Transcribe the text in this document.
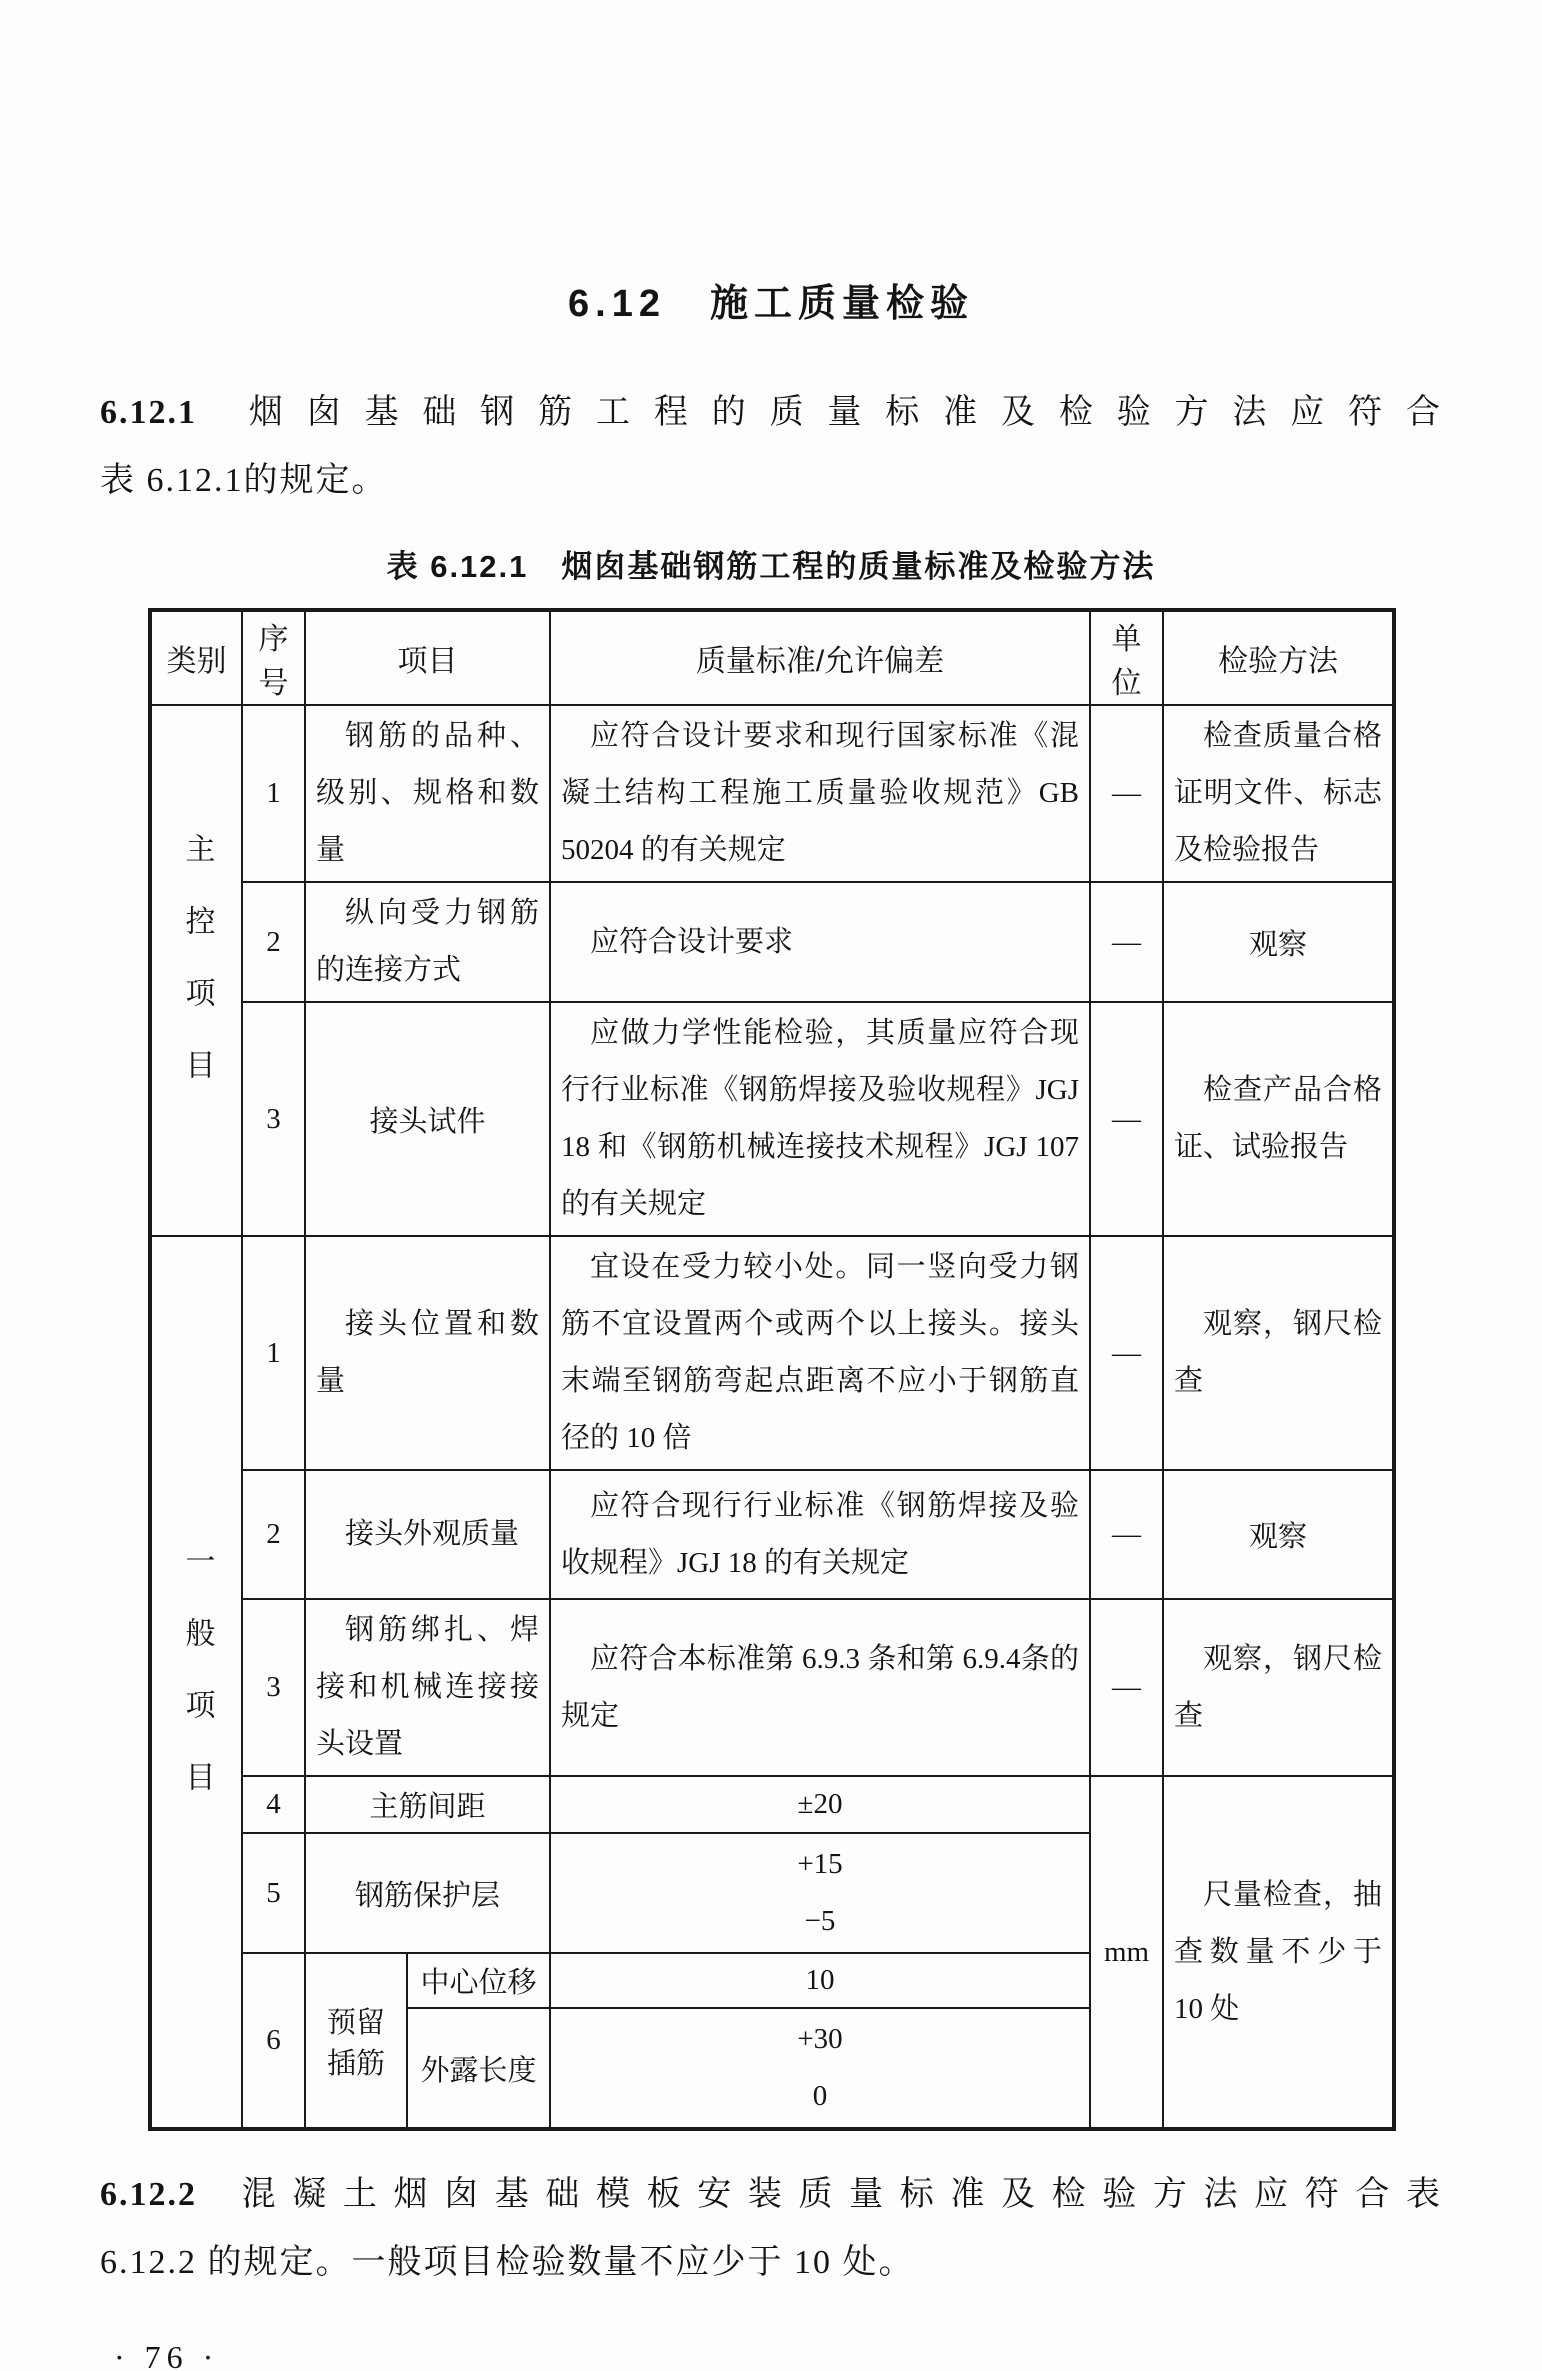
6.12　施工质量检验
6.12.1 烟囱基础钢筋工程的质量标准及检验方法应符合
表 6.12.1的规定。
表 6.12.1　烟囱基础钢筋工程的质量标准及检验方法
类别	序号	项目		质量标准/允许偏差	单位	检验方法
主控项目	1	钢筋的品种、级别、规格和数量		应符合设计要求和现行国家标准《混凝土结构工程施工质量验收规范》GB 50204 的有关规定	—	检查质量合格证明文件、标志及检验报告
	2	纵向受力钢筋的连接方式		应符合设计要求	—	观察
	3	接头试件		应做力学性能检验，其质量应符合现行行业标准《钢筋焊接及验收规程》JGJ 18 和《钢筋机械连接技术规程》JGJ 107 的有关规定	—	检查产品合格证、试验报告
一般项目	1	接头位置和数量		宜设在受力较小处。同一竖向受力钢筋不宜设置两个或两个以上接头。接头末端至钢筋弯起点距离不应小于钢筋直径的 10 倍	—	观察，钢尺检查
	2	接头外观质量		应符合现行行业标准《钢筋焊接及验收规程》JGJ 18 的有关规定	—	观察
	3	钢筋绑扎、焊接和机械连接接头设置		应符合本标准第 6.9.3 条和第 6.9.4条的规定	—	观察，钢尺检查
	4	主筋间距		±20	mm	尺量检查，抽查数量不少于 10 处
	5	钢筋保护层		+15
−5		

	6	预留插筋	中心位移	10		
			外露长度	+30
0		
6.12.2 混凝土烟囱基础模板安装质量标准及检验方法应符合表
6.12.2 的规定。一般项目检验数量不应少于 10 处。
· 76 ·
